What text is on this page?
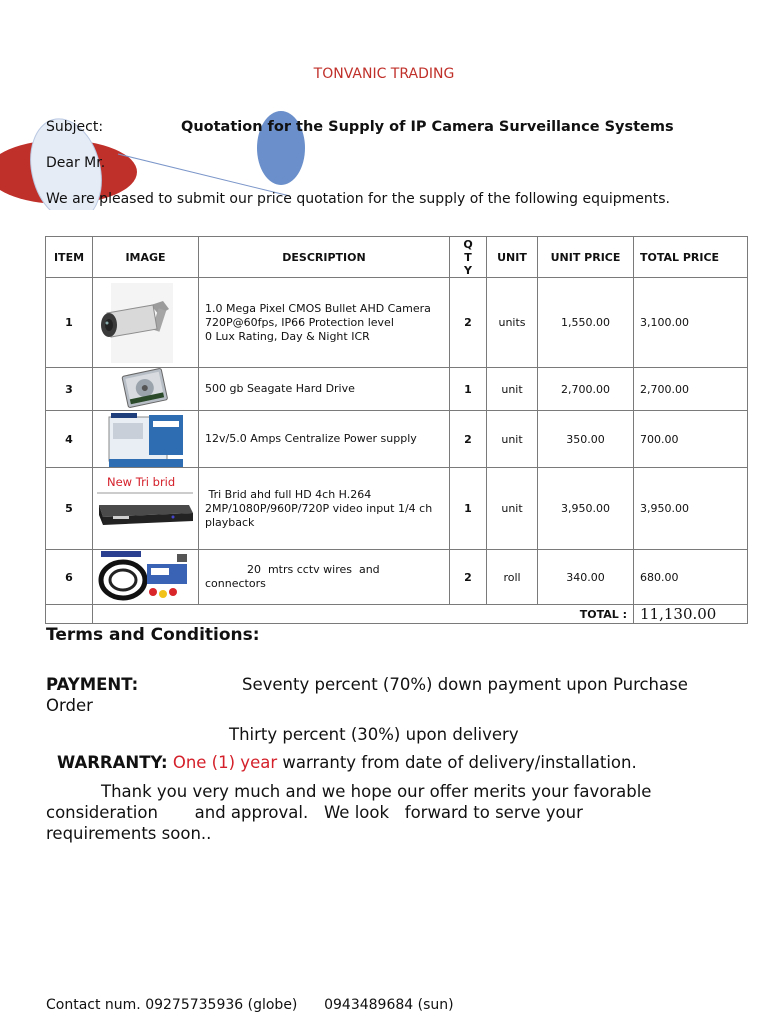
TONVANIC TRADING
Subject:	Quotation for the Supply of IP Camera Surveillance Systems
Dear Mr.
We are pleased to submit our price quotation for the supply of the following equipments.
ITEM	IMAGE	DESCRIPTION	Q
T
Y	UNIT	UNIT PRICE	TOTAL PRICE
1		1.0 Mega Pixel CMOS Bullet AHD Camera
720P@60fps, IP66 Protection level
0 Lux Rating, Day & Night ICR	2	units	1,550.00	3,100.00
3		500 gb Seagate Hard Drive	1	unit	2,700.00	2,700.00
4		12v/5.0 Amps Centralize Power supply	2	unit	350.00	700.00
5	New Tri brid	Tri Brid ahd full HD 4ch H.264
2MP/1080P/960P/720P video input 1/4 ch
playback	1	unit	3,950.00	3,950.00
6		20  mtrs cctv wires  and
connectors	2	roll	340.00	680.00
	TOTAL :					11,130.00
Terms and Conditions:
PAYMENT:	Seventy percent (70%) down payment upon Purchase
Order
Thirty percent (30%) upon delivery
WARRANTY: One (1) year warranty from date of delivery/installation.
Thank you very much and we hope our offer merits your favorable
consideration       and approval.   We look   forward to serve your
requirements soon..
Contact num. 09275735936 (globe)      0943489684 (sun)
